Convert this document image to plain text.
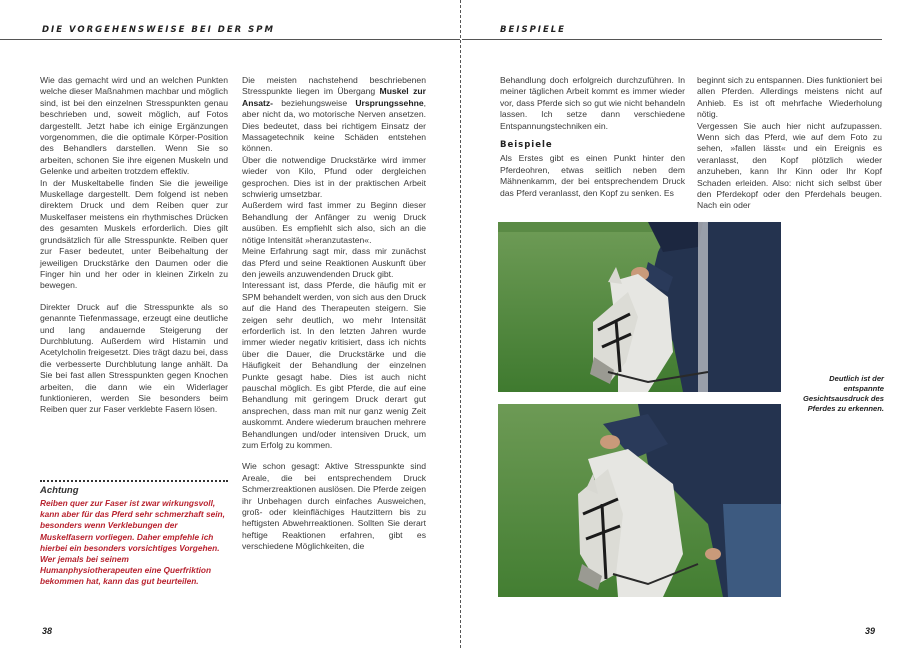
DIE VORGEHENSWEISE BEI DER SPM

Wie das gemacht wird und an welchen Punkten welche dieser Maßnahmen machbar und möglich sind, ist bei den einzelnen Stresspunkten genau beschrieben und, soweit möglich, auf Fotos dargestellt. Jetzt habe ich einige Ergänzungen vorgenommen, die die optimale Körper-Position des Behandlers darstellen. Wenn Sie so arbeiten, schonen Sie ihre eigenen Muskeln und Gelenke und arbeiten trotzdem effektiv.

In der Muskeltabelle finden Sie die jeweilige Muskellage dargestellt. Dem folgend ist neben direktem Druck und dem Reiben quer zur Muskelfaser meistens ein rhythmisches Drücken des gesamten Muskels erforderlich. Dies gilt grundsätzlich für alle Stresspunkte. Reiben quer zur Faser bedeutet, unter Beibehaltung der jeweiligen Druckstärke den Daumen oder die Finger hin und her oder in kleinen Zirkeln zu bewegen.

Direkter Druck auf die Stresspunkte als so genannte Tiefenmassage, erzeugt eine deutliche und lang andauernde Steigerung der Durchblutung. Außerdem wird Histamin und Acetylcholin freigesetzt. Dies trägt dazu bei, dass die verbesserte Durchblutung lange anhält. Da Sie bei fast allen Stresspunkten gegen Knochen arbeiten, die dann wie ein Widerlager funktionieren, werden Sie besonders beim Reiben quer zur Faser verklebte Fasern lösen.

Achtung
Reiben quer zur Faser ist zwar wirkungsvoll, kann aber für das Pferd sehr schmerzhaft sein, besonders wenn Verklebungen der Muskelfasern vorliegen. Daher empfehle ich hierbei ein besonders vorsichtiges Vorgehen. Wer jemals bei seinem Humanphysiotherapeuten eine Querfriktion bekommen hat, kann das gut beurteilen.

Die meisten nachstehend beschriebenen Stresspunkte liegen im Übergang Muskel zur Ansatz- beziehungsweise Ursprungssehne, aber nicht da, wo motorische Nerven ansetzen. Dies bedeutet, dass bei richtigem Einsatz der Massagetechnik keine Schäden entstehen können.

Über die notwendige Druckstärke wird immer wieder von Kilo, Pfund oder dergleichen gesprochen. Dies ist in der praktischen Arbeit schwierig umsetzbar.

Außerdem wird fast immer zu Beginn dieser Behandlung der Anfänger zu wenig Druck ausüben. Es empfiehlt sich also, sich an die nötige Intensität »heranzutasten«.

Meine Erfahrung sagt mir, dass mir zunächst das Pferd und seine Reaktionen Auskunft über den jeweils anzuwendenden Druck gibt.

Interessant ist, dass Pferde, die häufig mit er SPM behandelt werden, von sich aus den Druck auf die Hand des Therapeuten steigern. Sie zeigen sehr deutlich, wo mehr Intensität erforderlich ist. In den letzten Jahren wurde immer wieder negativ kritisiert, dass ich nichts über die Dauer, die Druckstärke und die Häufigkeit der Behandlung der einzelnen Punkte gesagt habe. Dies ist auch nicht pauschal möglich. Es gibt Pferde, die auf eine Behandlung mit geringem Druck derart gut ansprechen, dass man mit nur ganz wenig Zeit auskommt. Andere wiederum brauchen mehrere Behandlungen und/oder intensiven Druck, um zum Erfolg zu kommen.

Wie schon gesagt: Aktive Stresspunkte sind Areale, die bei entsprechendem Druck Schmerzreaktionen auslösen. Die Pferde zeigen ihr Unbehagen durch einfaches Ausweichen, groß- oder kleinflächiges Hautzittern bis zu heftigsten Abwehrreaktionen. Sollten Sie derart heftige Reaktionen erfahren, gibt es verschiedene Möglichkeiten, die

38
BEISPIELE
39

Behandlung doch erfolgreich durchzuführen. In meiner täglichen Arbeit kommt es immer wieder vor, dass Pferde sich so gut wie nicht behandeln lassen. Ich setze dann verschiedene Entspannungstechniken ein.

Beispiele

Als Erstes gibt es einen Punkt hinter den Pferdeohren, etwas seitlich neben dem Mähnenkamm, der bei entsprechendem Druck das Pferd veranlasst, den Kopf zu senken. Es

beginnt sich zu entspannen. Dies funktioniert bei allen Pferden. Allerdings meistens nicht auf Anhieb. Es ist oft mehrfache Wiederholung nötig.

Vergessen Sie auch hier nicht aufzupassen. Wenn sich das Pferd, wie auf dem Foto zu sehen, »fallen lässt« und ein Ereignis es veranlasst, den Kopf plötzlich wieder anzuheben, kann Ihr Kinn oder Ihr Kopf Schaden erleiden. Also: nicht sich selbst über den Pferdekopf oder den Pferdehals beugen. Nach ein oder

Deutlich ist der entspannte Gesichtsausdruck des Pferdes zu erkennen.
